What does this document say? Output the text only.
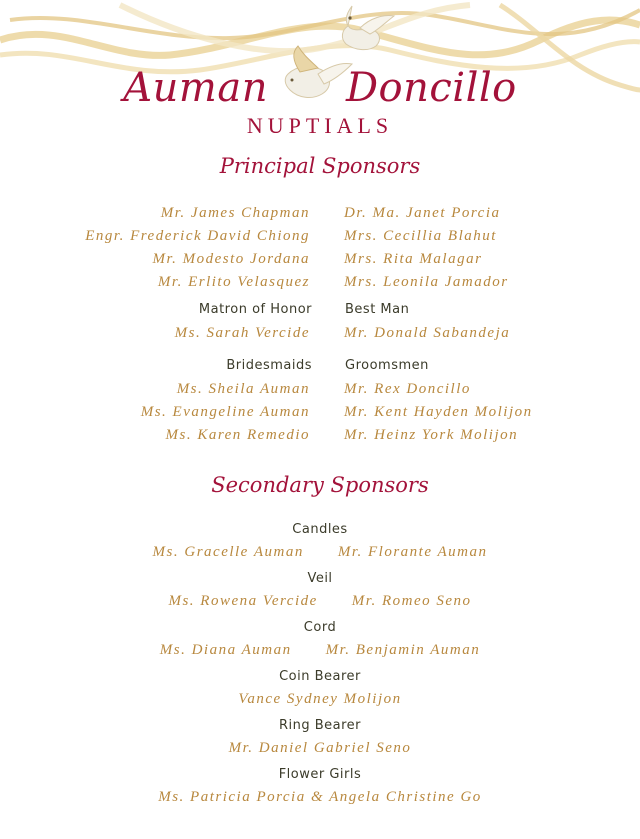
Auman Doncillo
NUPTIALS
Principal Sponsors
Mr. James Chapman Dr. Ma. Janet Porcia
Engr. Frederick David Chiong Mrs. Cecillia Blahut
Mr. Modesto Jordana Mrs. Rita Malagar
Mr. Erlito Velasquez Mrs. Leonila Jamador
Matron of Honor	Best Man
Ms. Sarah Vercide Mr. Donald Sabandeja
Bridesmaids	Groomsmen
Ms. Sheila Auman Mr. Rex Doncillo
Ms. Evangeline Auman Mr. Kent Hayden Molijon
Ms. Karen Remedio Mr. Heinz York Molijon
Secondary Sponsors
Candles
Ms. Gracelle Auman Mr. Florante Auman
Veil
Ms. Rowena Vercide Mr. Romeo Seno
Cord
Ms. Diana Auman Mr. Benjamin Auman
Coin Bearer
Vance Sydney Molijon
Ring Bearer
Mr. Daniel Gabriel Seno
Flower Girls
Ms. Patricia Porcia & Angela Christine Go
